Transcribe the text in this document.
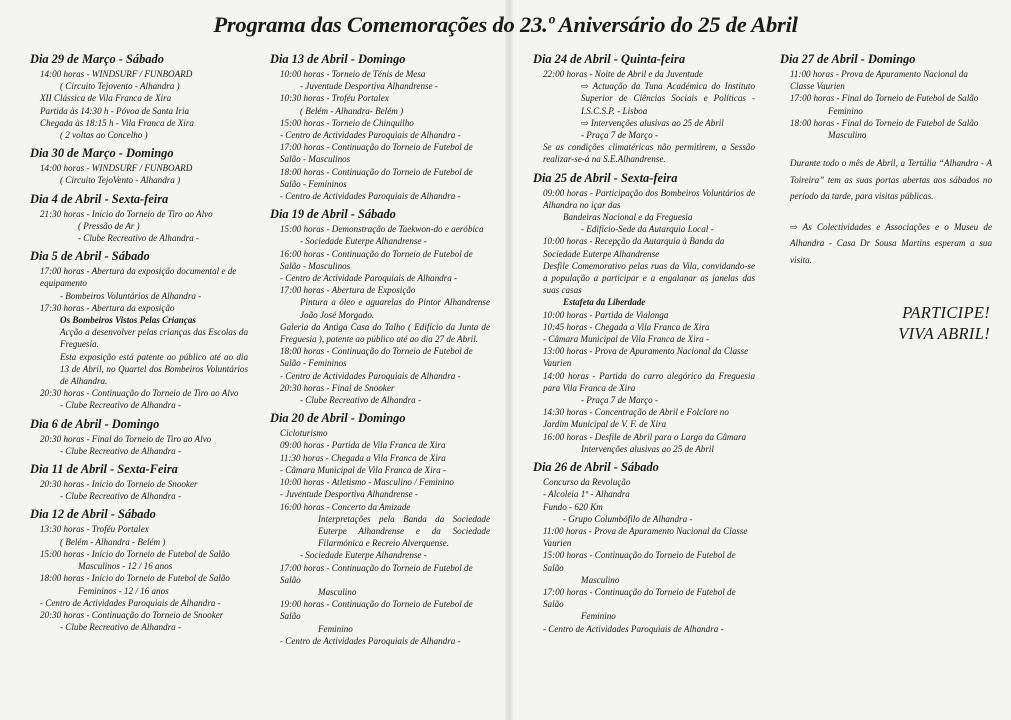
Programa das Comemorações do 23.º Aniversário do 25 de Abril
Dia 29 de Março - Sábado
14:00 horas - WINDSURF / FUNBOARD
( Circuito Tejovento - Alhandra )
XII Clássica de Vila Franca de Xira
Partida às 14:30 h - Póvoa de Santa Iria
Chegada às 18:15 h - Vila Franca de Xira
( 2 voltas ao Concelho )
Dia 30 de Março - Domingo
14:00 horas - WINDSURF / FUNBOARD
( Circuito TejoVento - Alhandra )
Dia 4 de Abril - Sexta-feira
21:30 horas - Início do Torneio de Tiro ao Alvo
( Pressão de Ar )
- Clube Recreativo de Alhandra -
Dia 5 de Abril - Sábado
17:00 horas - Abertura da exposição documental e de equipamento
- Bombeiros Voluntários de Alhandra -
17:30 horas - Abertura da exposição
Os Bombeiros Vistos Pelas Crianças
Acção a desenvolver pelas crianças das Escolas da Freguesia.
Esta exposição está patente ao público até ao dia 13 de Abril, no Quartel dos Bombeiros Voluntários de Alhandra.
20:30 horas - Continuação do Torneio de Tiro ao Alvo
- Clube Recreativo de Alhandra -
Dia 6 de Abril - Domingo
20:30 horas - Final do Torneio de Tiro ao Alvo
- Clube Recreativo de Alhandra -
Dia 11 de Abril - Sexta-Feira
20:30 horas - Início do Torneio de Snooker
- Clube Recreativo de Alhandra -
Dia 12 de Abril - Sábado
13:30 horas - Troféu Portalex
( Belém - Alhandra - Belém )
15:00 horas - Início do Torneio de Futebol de Salão
Masculinos - 12 / 16 anos
18:00 horas - Início do Torneio de Futebol de Salão
Femininos - 12 / 16 anos
- Centro de Actividades Paroquiais de Alhandra -
20:30 horas - Continuação do Torneio de Snooker
- Clube Recreativo de Alhandra -
Dia 13 de Abril - Domingo
10:00 horas - Torneio de Ténis de Mesa
- Juventude Desportiva Alhandrense -
10:30 horas - Troféu Portalex
( Belém - Alhandra- Belém )
15:00 horas - Torneio de Chinquilho
- Centro de Actividades Paroquiais de Alhandra -
17:00 horas - Continuação do Torneio de Futebol de Salão - Masculinos
18:00 horas - Continuação do Torneio de Futebol de Salão - Femininos
- Centro de Actividades Paroquiais de Alhandra -
Dia 19 de Abril - Sábado
15:00 horas - Demonstração de Taekwon-do e aeróbica
- Sociedade Euterpe Alhandrense -
16:00 horas - Continuação do Torneio de Futebol de Salão - Masculinos
- Centro de Actividade Paroquiais de Alhandra -
17:00 horas - Abertura de Exposição
Pintura a óleo e aguarelas do Pintor Alhandrense João José Morgado.
Galeria da Antiga Casa do Talho ( Edifício da Junta de Freguesia ), patente ao público até ao dia 27 de Abril.
18:00 horas - Continuação do Torneio de Futebol de Salão - Femininos
- Centro de Actividades Paroquiais de Alhandra -
20:30 horas - Final de Snooker
- Clube Recreativo de Alhandra -
Dia 20 de Abril - Domingo
Cicloturismo
09:00 horas - Partida de Vila Franca de Xira
11:30 horas - Chegada a Vila Franca de Xira
- Câmara Municipal de Vila Franca de Xira -
10:00 horas - Atletismo - Masculino / Feminino
- Juventude Desportiva Alhandrense -
16:00 horas - Concerto da Amizade
Interpretações pela Banda da Sociedade Euterpe Alhandrense e da Sociedade Filarmónica e Recreio Alverquense.
- Sociedade Euterpe Alhandrense -
17:00 horas - Continuação do Torneio de Futebol de Salão
Masculino
19:00 horas - Continuação do Torneio de Futebol de Salão
Feminino
- Centro de Actividades Paroquiais de Alhandra -
Dia 24 de Abril - Quinta-feira
22:00 horas - Noite de Abril e da Juventude
⇨ Actuação da Tuna Académica do Instituto Superior de Ciências Sociais e Políticas - I.S.C.S.P. - Lisboa
⇨ Intervenções alusivas ao 25 de Abril
- Praça 7 de Março -
Se as condições climatéricas não permitirem, a Sessão realizar-se-á na S.E.Alhandrense.
Dia 25 de Abril - Sexta-feira
09:00 horas - Participação dos Bombeiros Voluntários de Alhandra no içar das
Bandeiras Nacional e da Freguesia
- Edifício-Sede da Autarquia Local -
10:00 horas - Recepção da Autarquia à Banda da Sociedade Euterpe Alhandrense
Desfile Comemorativo pelas ruas da Vila, convidando-se a população a participar e a engalanar as janelas das suas casas
Estafeta da Liberdade
10:00 horas - Partida de Vialonga
10:45 horas - Chegada a Vila Franca de Xira
- Câmara Municipal de Vila Franca de Xira -
13:00 horas - Prova de Apuramento Nacional da Classe Vaurien
14:00 horas - Partida do carro alegórico da Freguesia para Vila Franca de Xira
- Praça 7 de Março -
14:30 horas - Concentração de Abril e Folclore no Jardim Municipal de V. F. de Xira
16:00 horas - Desfile de Abril para o Largo da Câmara
Intervenções alusivas ao 25 de Abril
Dia 26 de Abril - Sábado
Concurso da Revolução
- Alcoleia 1º - Alhandra
Fundo - 620 Km
- Grupo Columbófilo de Alhandra -
11:00 horas - Prova de Apuramento Nacional da Classe Vaurien
15:00 horas - Continuação do Torneio de Futebol de Salão
Masculino
17:00 horas - Continuação do Torneio de Futebol de Salão
Feminino
- Centro de Actividades Paroquiais de Alhandra -
Dia 27 de Abril - Domingo
11:00 horas - Prova de Apuramento Nacional da Classe Vaurien
17:00 horas - Final do Torneio de Futebol de Salão
Feminino
18:00 horas - Final do Torneio de Futebol de Salão
Masculino
Durante todo o mês de Abril, a Tertúlia “Alhandra - A Toireira” tem as suas portas abertas aos sábados no período da tarde, para visitas públicas.
⇨ As Colectividades e Associações e o Museu de Alhandra - Casa Dr Sousa Martins esperam a sua visita.
PARTICIPE!
VIVA ABRIL!
